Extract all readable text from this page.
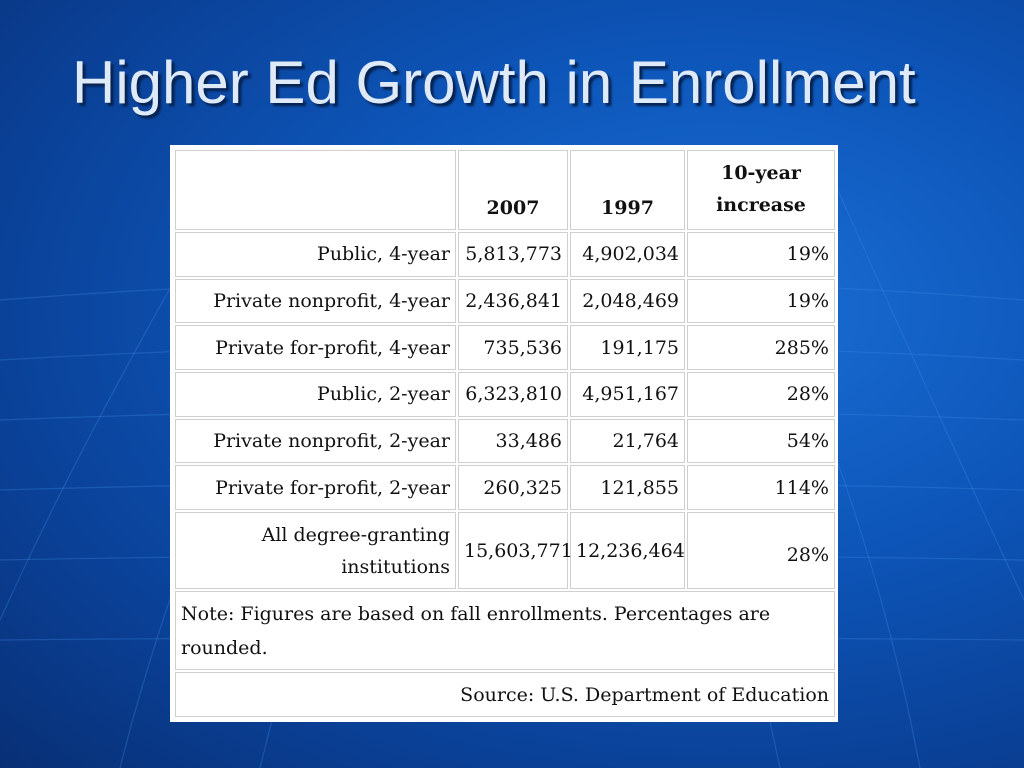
Higher Ed Growth in Enrollment
	2007	1997	10-year increase
Public, 4-year	5,813,773	4,902,034	19%
Private nonprofit, 4-year	2,436,841	2,048,469	19%
Private for-profit, 4-year	735,536	191,175	285%
Public, 2-year	6,323,810	4,951,167	28%
Private nonprofit, 2-year	33,486	21,764	54%
Private for-profit, 2-year	260,325	121,855	114%
All degree-granting institutions	15,603,771	12,236,464	28%
Note: Figures are based on fall enrollments. Percentages are rounded.			
Source: U.S. Department of Education			
